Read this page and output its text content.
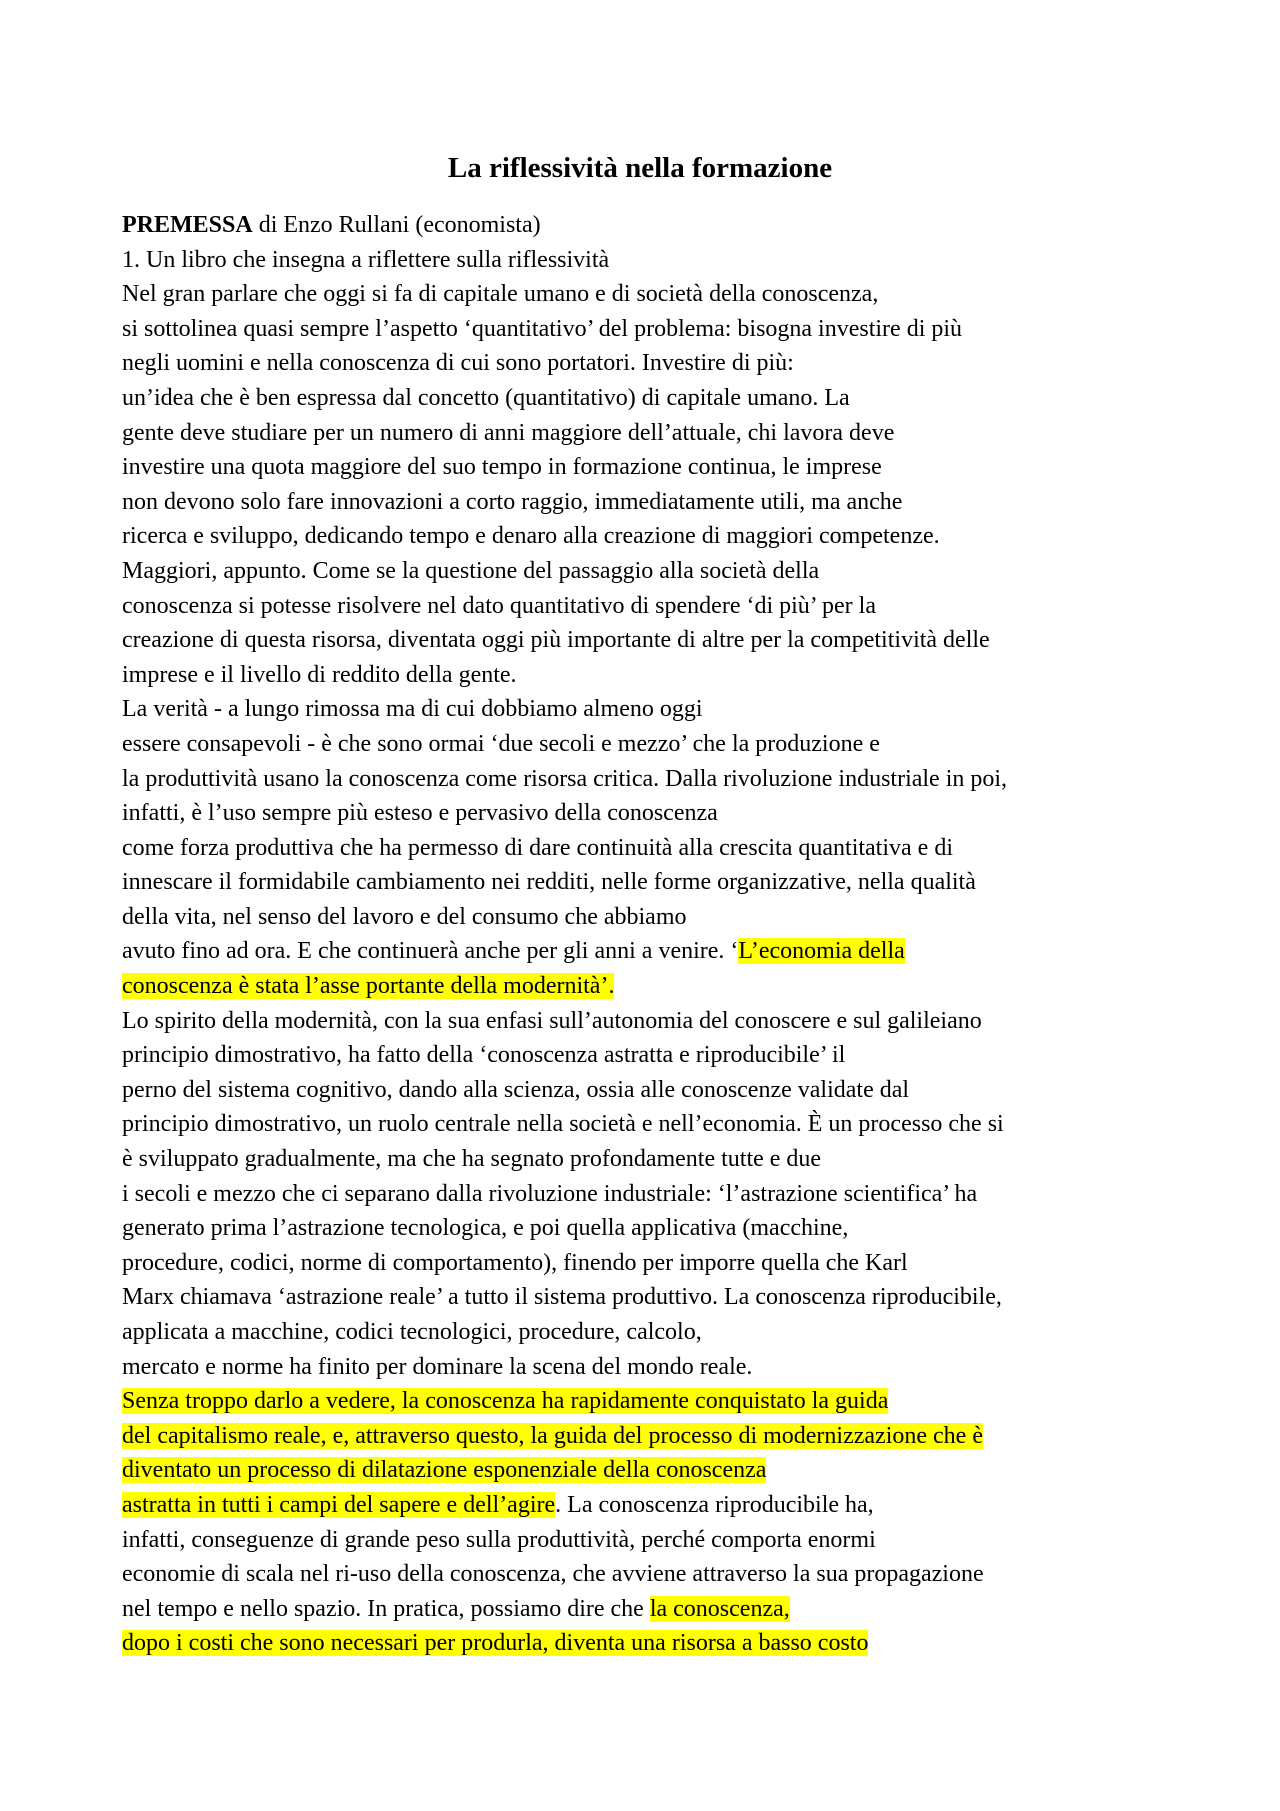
La riflessività nella formazione
PREMESSA di Enzo Rullani (economista)
1. Un libro che insegna a riflettere sulla riflessività
Nel gran parlare che oggi si fa di capitale umano e di società della conoscenza,
si sottolinea quasi sempre l’aspetto ‘quantitativo’ del problema: bisogna investire di più
negli uomini e nella conoscenza di cui sono portatori. Investire di più:
un’idea che è ben espressa dal concetto (quantitativo) di capitale umano. La
gente deve studiare per un numero di anni maggiore dell’attuale, chi lavora deve
investire una quota maggiore del suo tempo in formazione continua, le imprese
non devono solo fare innovazioni a corto raggio, immediatamente utili, ma anche
ricerca e sviluppo, dedicando tempo e denaro alla creazione di maggiori competenze.
Maggiori, appunto. Come se la questione del passaggio alla società della
conoscenza si potesse risolvere nel dato quantitativo di spendere ‘di più’ per la
creazione di questa risorsa, diventata oggi più importante di altre per la competitività delle
imprese e il livello di reddito della gente.
La verità - a lungo rimossa ma di cui dobbiamo almeno oggi
essere consapevoli - è che sono ormai ‘due secoli e mezzo’ che la produzione e
la produttività usano la conoscenza come risorsa critica. Dalla rivoluzione industriale in poi,
infatti, è l’uso sempre più esteso e pervasivo della conoscenza
come forza produttiva che ha permesso di dare continuità alla crescita quantitativa e di
innescare il formidabile cambiamento nei redditi, nelle forme organizzative, nella qualità
della vita, nel senso del lavoro e del consumo che abbiamo
avuto fino ad ora. E che continuerà anche per gli anni a venire. ‘L’economia della
conoscenza è stata l’asse portante della modernità’.
Lo spirito della modernità, con la sua enfasi sull’autonomia del conoscere e sul galileiano
principio dimostrativo, ha fatto della ‘conoscenza astratta e riproducibile’ il
perno del sistema cognitivo, dando alla scienza, ossia alle conoscenze validate dal
principio dimostrativo, un ruolo centrale nella società e nell’economia. È un processo che si
è sviluppato gradualmente, ma che ha segnato profondamente tutte e due
i secoli e mezzo che ci separano dalla rivoluzione industriale: ‘l’astrazione scientifica’ ha
generato prima l’astrazione tecnologica, e poi quella applicativa (macchine,
procedure, codici, norme di comportamento), finendo per imporre quella che Karl
Marx chiamava ‘astrazione reale’ a tutto il sistema produttivo. La conoscenza riproducibile,
applicata a macchine, codici tecnologici, procedure, calcolo,
mercato e norme ha finito per dominare la scena del mondo reale.
Senza troppo darlo a vedere, la conoscenza ha rapidamente conquistato la guida
del capitalismo reale, e, attraverso questo, la guida del processo di modernizzazione che è
diventato un processo di dilatazione esponenziale della conoscenza
astratta in tutti i campi del sapere e dell’agire. La conoscenza riproducibile ha,
infatti, conseguenze di grande peso sulla produttività, perché comporta enormi
economie di scala nel ri-uso della conoscenza, che avviene attraverso la sua propagazione
nel tempo e nello spazio. In pratica, possiamo dire che la conoscenza,
dopo i costi che sono necessari per produrla, diventa una risorsa a basso costo
